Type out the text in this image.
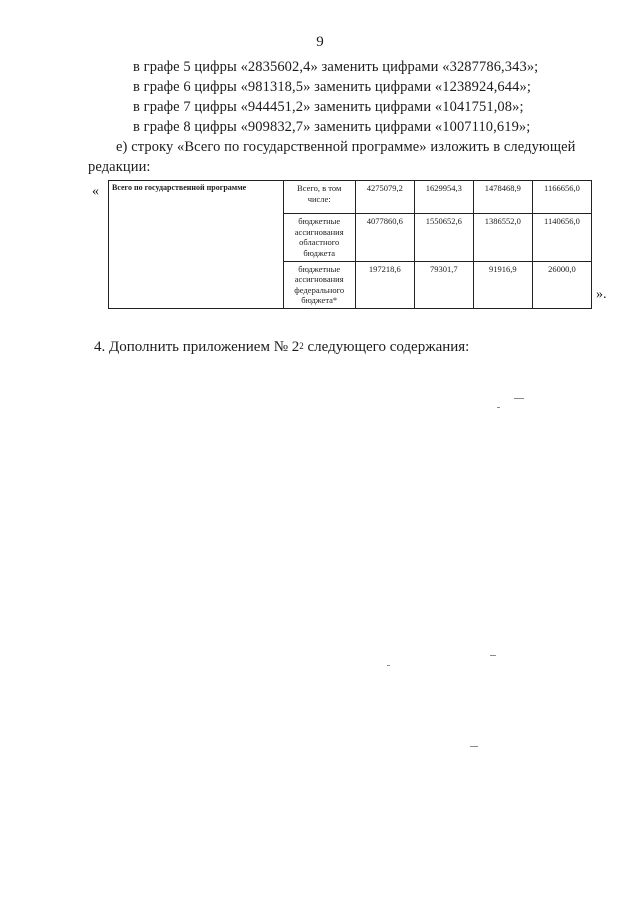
9
в графе 5 цифры «2835602,4» заменить цифрами «3287786,343»;
в графе 6 цифры «981318,5» заменить цифрами «1238924,644»;
в графе 7 цифры «944451,2» заменить цифрами «1041751,08»;
в графе 8 цифры «909832,7» заменить цифрами «1007110,619»;
е) строку «Всего по государственной программе» изложить в следующей
редакции:
« Всего по государственной программе	Всего, в том числе:	4275079,2	1629954,3	1478468,9	1166656,0
	бюджетные ассигнования областного бюджета	4077860,6	1550652,6	1386552,0	1140656,0
	бюджетные ассигнования федерального бюджета*	197218,6	79301,7	91916,9	26000,0
».
4. Дополнить приложением № $2^2$ следующего содержания:
